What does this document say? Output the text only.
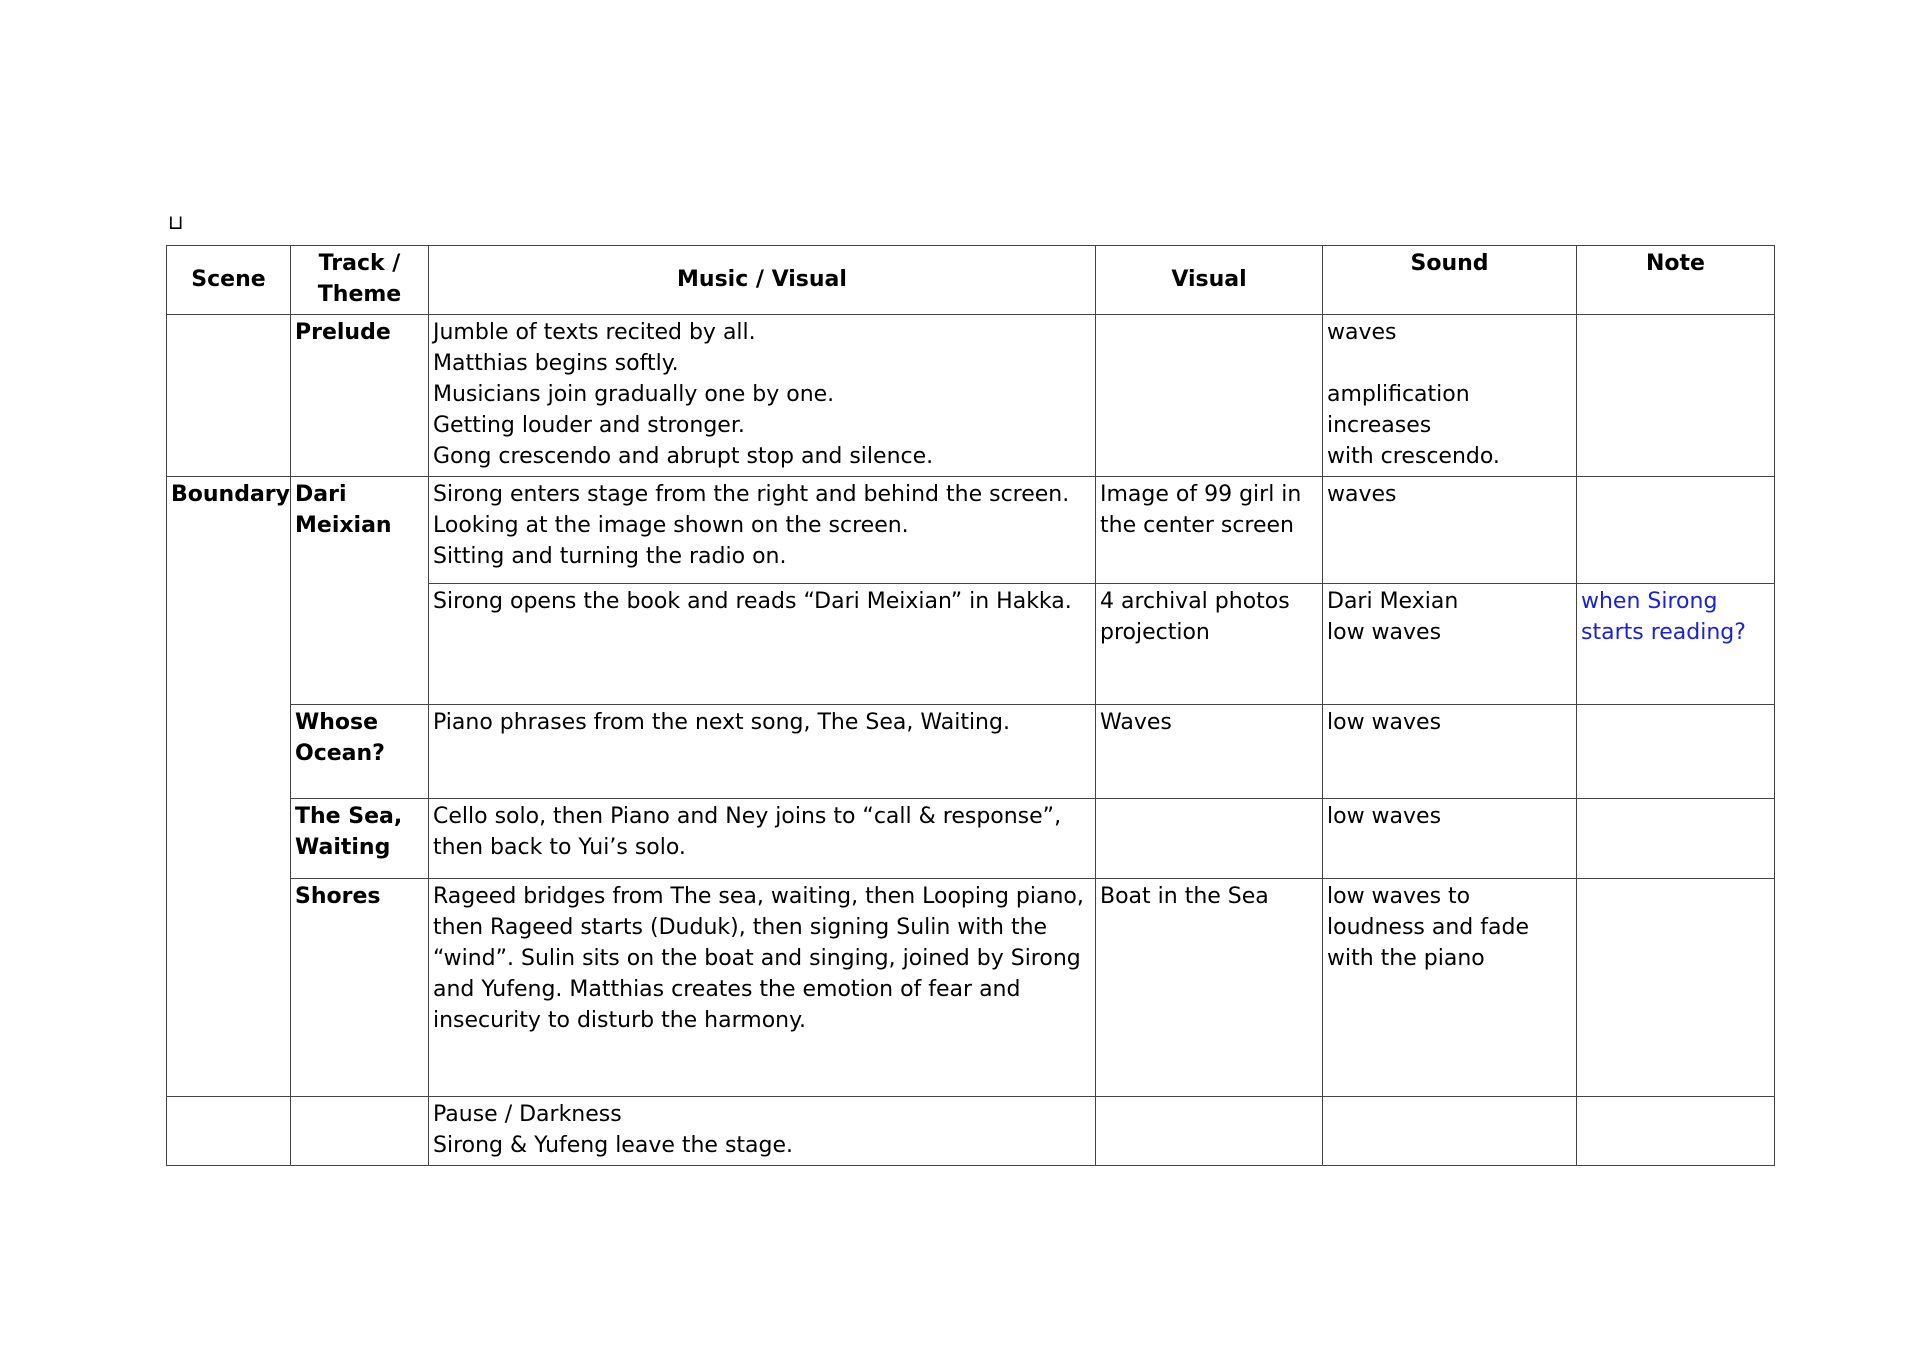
⊔
Scene	Track / Theme	Music / Visual	Visual	Sound	Note
	Prelude	Jumble of texts recited by all.
Matthias begins softly.
Musicians join gradually one by one.
Getting louder and stronger.
Gong crescendo and abrupt stop and silence.		waves
amplification increases
with crescendo.	

Boundary	Dari Meixian	Sirong enters stage from the right and behind the screen.
Looking at the image shown on the screen.
Sitting and turning the radio on.	Image of 99 girl in the center screen	waves	

		Sirong opens the book and reads “Dari Meixian” in Hakka.	4 archival photos projection	Dari Mexian
low waves	when Sirong starts reading?
	Whose Ocean?	Piano phrases from the next song, The Sea, Waiting.	Waves	low waves	

	The Sea, Waiting	Cello solo, then Piano and Ney joins to “call & response”, then back to Yui’s solo.		low waves	

	Shores	Rageed bridges from The sea, waiting, then Looping piano, then Rageed starts (Duduk), then signing Sulin with the “wind”. Sulin sits on the boat and singing, joined by Sirong and Yufeng. Matthias creates the emotion of fear and insecurity to disturb the harmony.	Boat in the Sea	low waves to loudness and fade with the piano	

		Pause / Darkness
Sirong & Yufeng leave the stage.			
